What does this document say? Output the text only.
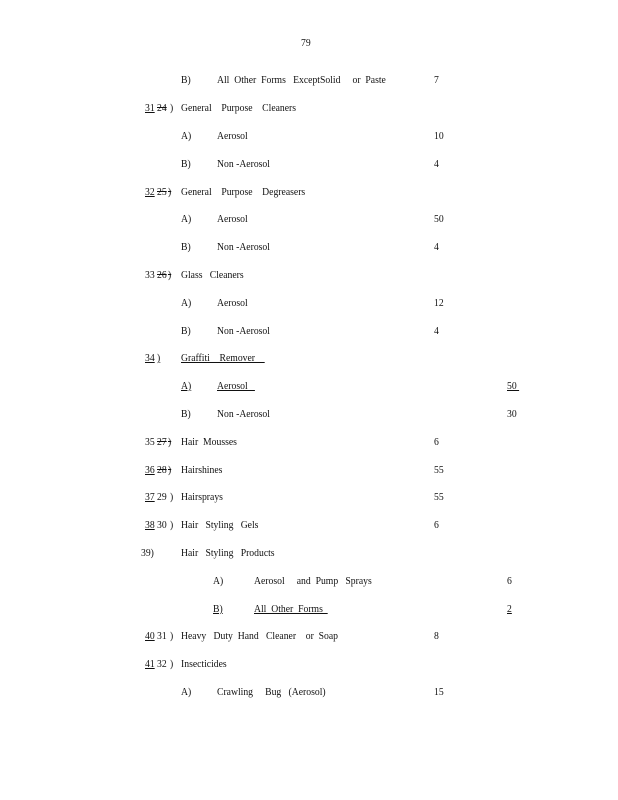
79
B) All  Other  Forms   ExceptSolid     or  Paste	7
31 24 ) General    Purpose    Cleaners
A) Aerosol	10
B) Non -Aerosol	4
32 25 ) General    Purpose    Degreasers
A) Aerosol	50
B) Non -Aerosol	4
33 26 ) Glass   Cleaners
A) Aerosol	12
B) Non -Aerosol	4
34 ) Graffiti    Remover
A) Aerosol	50
B) Non -Aerosol	30
35 27 ) Hair  Mousses	6
36 28 ) Hairshines	55
37 29 ) Hairsprays	55
38 30 ) Hair   Styling   Gels	6
39) Hair   Styling   Products
A)	Aerosol     and  Pump   Sprays	6
B)	All  Other  Forms	2
40 31 ) Heavy   Duty  Hand   Cleaner    or  Soap	8
41 32 ) Insecticides
A) Crawling     Bug   (Aerosol)	15
